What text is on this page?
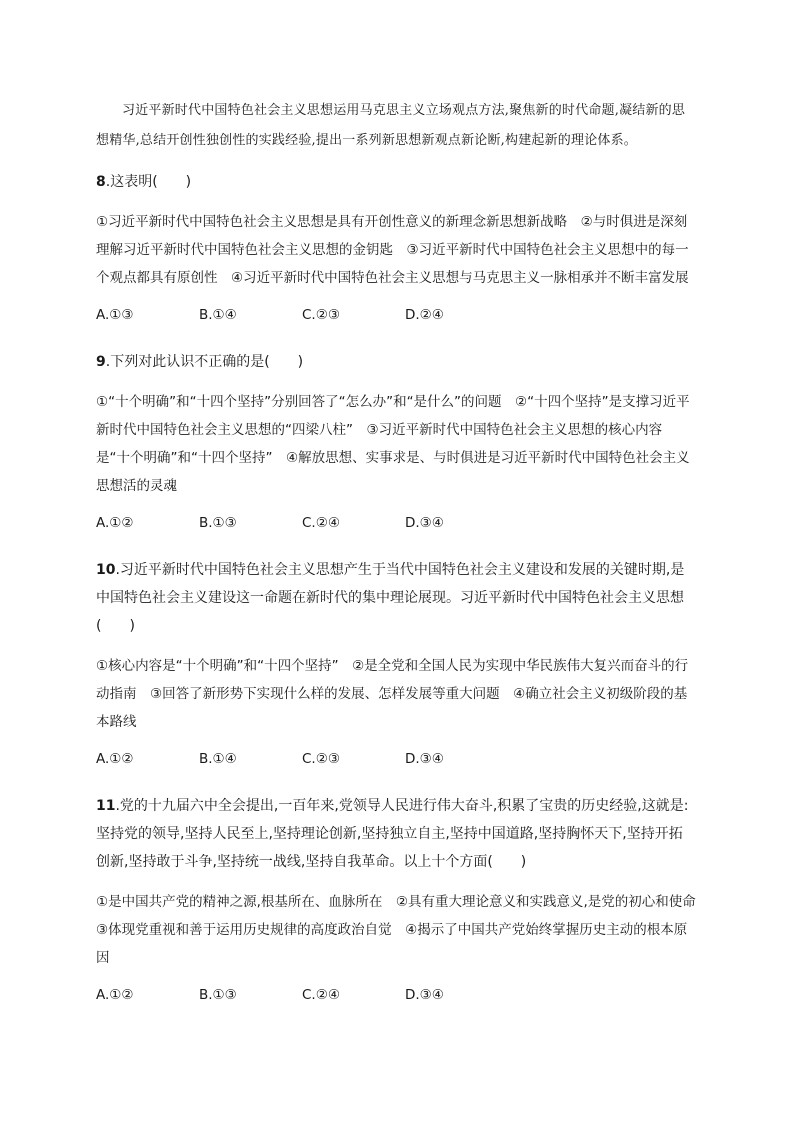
习近平新时代中国特色社会主义思想运用马克思主义立场观点方法,聚焦新的时代命题,凝结新的思想精华,总结开创性独创性的实践经验,提出一系列新思想新观点新论断,构建起新的理论体系。

8.这表明(　　)

①习近平新时代中国特色社会主义思想是具有开创性意义的新理念新思想新战略　②与时俱进是深刻理解习近平新时代中国特色社会主义思想的金钥匙　③习近平新时代中国特色社会主义思想中的每一个观点都具有原创性　④习近平新时代中国特色社会主义思想与马克思主义一脉相承并不断丰富发展

A.①③	B.①④	C.②③	D.②④

9.下列对此认识不正确的是(　　)

①“十个明确”和“十四个坚持”分别回答了“怎么办”和“是什么”的问题　②“十四个坚持”是支撑习近平新时代中国特色社会主义思想的“四梁八柱”　③习近平新时代中国特色社会主义思想的核心内容是“十个明确”和“十四个坚持”　④解放思想、实事求是、与时俱进是习近平新时代中国特色社会主义思想活的灵魂

A.①②	B.①③	C.②④	D.③④

10.习近平新时代中国特色社会主义思想产生于当代中国特色社会主义建设和发展的关键时期,是中国特色社会主义建设这一命题在新时代的集中理论展现。习近平新时代中国特色社会主义思想(　　)

①核心内容是“十个明确”和“十四个坚持”　②是全党和全国人民为实现中华民族伟大复兴而奋斗的行动指南　③回答了新形势下实现什么样的发展、怎样发展等重大问题　④确立社会主义初级阶段的基本路线

A.①②	B.①④	C.②③	D.③④

11.党的十九届六中全会提出,一百年来,党领导人民进行伟大奋斗,积累了宝贵的历史经验,这就是:坚持党的领导,坚持人民至上,坚持理论创新,坚持独立自主,坚持中国道路,坚持胸怀天下,坚持开拓创新,坚持敢于斗争,坚持统一战线,坚持自我革命。以上十个方面(　　)

①是中国共产党的精神之源,根基所在、血脉所在　②具有重大理论意义和实践意义,是党的初心和使命　③体现党重视和善于运用历史规律的高度政治自觉　④揭示了中国共产党始终掌握历史主动的根本原因

A.①②	B.①③	C.②④	D.③④
